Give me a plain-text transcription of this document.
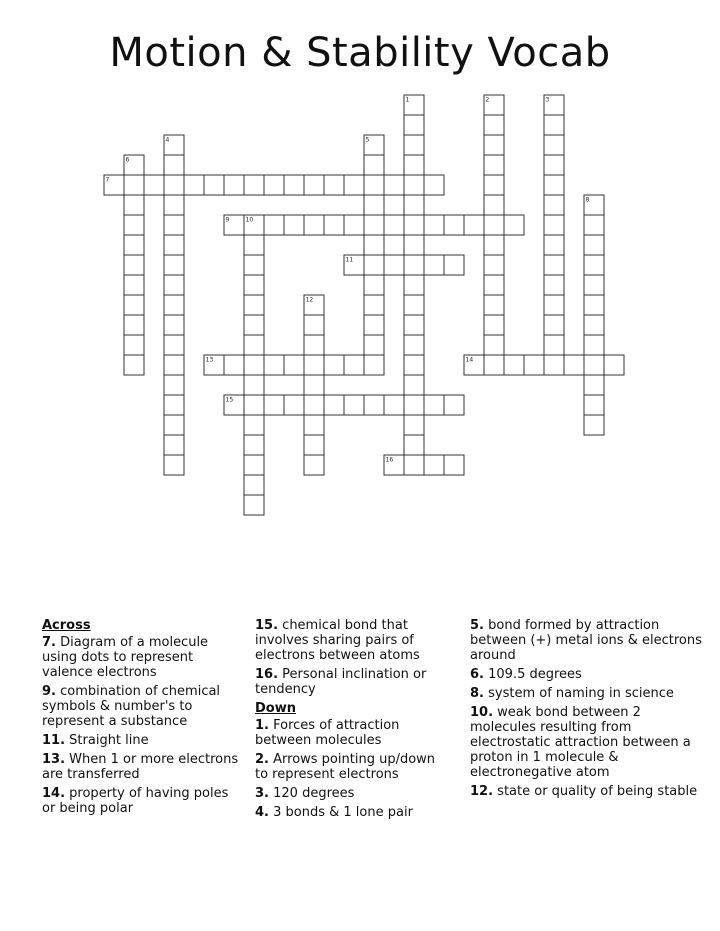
Motion & Stability Vocab
7
9
11
13	14
15
16
1	2	3
4	5
6
8
10
12
Across
7. Diagram of a molecule using dots to represent valence electrons
9. combination of chemical symbols & number's to represent a substance
11. Straight line
13. When 1 or more electrons are transferred
14. property of having poles or being polar
15. chemical bond that involves sharing pairs of electrons between atoms
16. Personal inclination or tendency
Down
1. Forces of attraction between molecules
2. Arrows pointing up/down to represent electrons
3. 120 degrees
4. 3 bonds & 1 lone pair
5. bond formed by attraction between (+) metal ions & electrons around
6. 109.5 degrees
8. system of naming in science
10. weak bond between 2 molecules resulting from electrostatic attraction between a proton in 1 molecule & electronegative atom
12. state or quality of being stable
